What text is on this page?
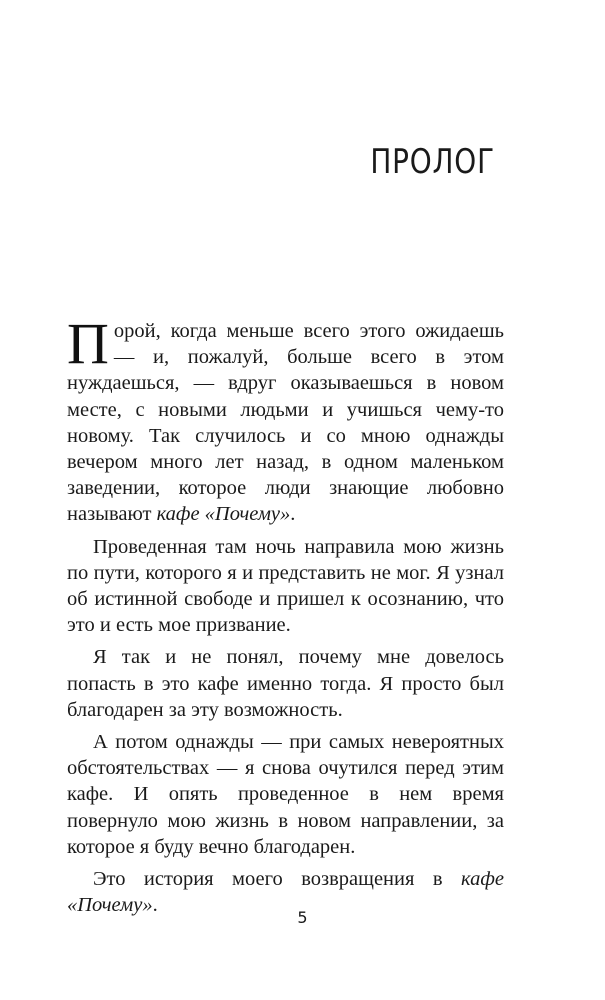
ПРОЛОГ

Порой, когда меньше всего этого ожидаешь — и, пожалуй, больше всего в этом нуждаешься, — вдруг оказываешься в новом месте, с новыми людьми и учишься чему-то новому. Так случилось и со мною однажды вечером много лет назад, в одном маленьком заведении, которое люди знающие любовно называют кафе «Почему».

Проведенная там ночь направила мою жизнь по пути, которого я и представить не мог. Я узнал об истинной свободе и пришел к осознанию, что это и есть мое призвание.

Я так и не понял, почему мне довелось попасть в это кафе именно тогда. Я просто был благодарен за эту возможность.

А потом однажды — при самых невероятных обстоятельствах — я снова очутился перед этим кафе. И опять проведенное в нем время повернуло мою жизнь в новом направлении, за которое я буду вечно благодарен.

Это история моего возвращения в кафе «Почему».

5
